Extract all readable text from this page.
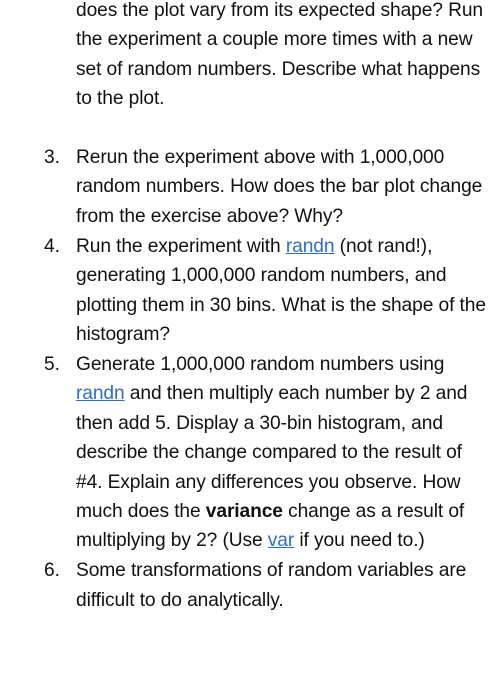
does the plot vary from its expected shape? Run the experiment a couple more times with a new set of random numbers. Describe what happens to the plot.

3. Rerun the experiment above with 1,000,000 random numbers. How does the bar plot change from the exercise above? Why?
4. Run the experiment with randn (not rand!), generating 1,000,000 random numbers, and plotting them in 30 bins. What is the shape of the histogram?
5. Generate 1,000,000 random numbers using randn and then multiply each number by 2 and then add 5. Display a 30-bin histogram, and describe the change compared to the result of #4. Explain any differences you observe. How much does the variance change as a result of multiplying by 2? (Use var if you need to.)
6. Some transformations of random variables are difficult to do analytically.
